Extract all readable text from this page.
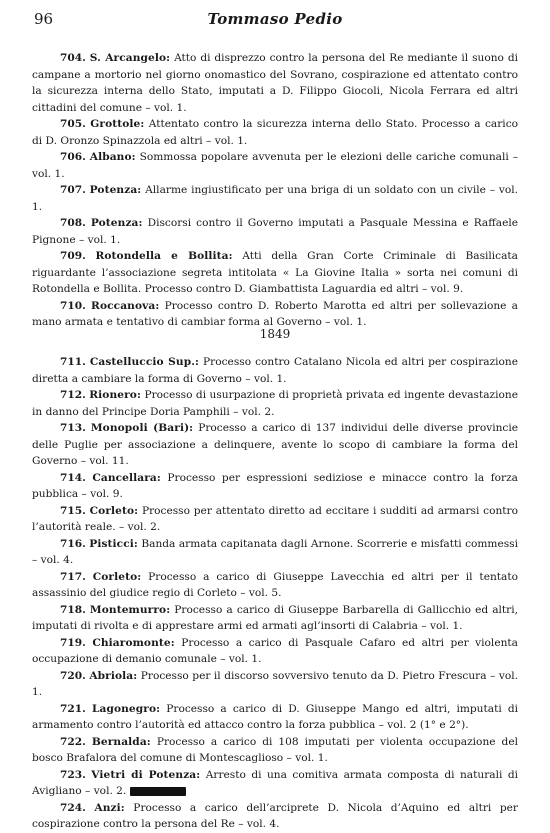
96	Tommaso Pedio

704. S. Arcangelo: Atto di disprezzo contro la persona del Re mediante il suono di campane a mortorio nel giorno onomastico del Sovrano, cospirazione ed attentato contro la sicurezza interna dello Stato, imputati a D. Filippo Giocoli, Nicola Ferrara ed altri cittadini del comune – vol. 1.

705. Grottole: Attentato contro la sicurezza interna dello Stato. Processo a carico di D. Oronzo Spinazzola ed altri – vol. 1.

706. Albano: Sommossa popolare avvenuta per le elezioni delle cariche comunali – vol. 1.

707. Potenza: Allarme ingiustificato per una briga di un soldato con un civile – vol. 1.

708. Potenza: Discorsi contro il Governo imputati a Pasquale Messina e Raffaele Pignone – vol. 1.

709. Rotondella e Bollita: Atti della Gran Corte Criminale di Basilicata riguardante l’associazione segreta intitolata « La Giovine Italia » sorta nei comuni di Rotondella e Bollita. Processo contro D. Giambattista Laguardia ed altri – vol. 9.

710. Roccanova: Processo contro D. Roberto Marotta ed altri per sollevazione a mano armata e tentativo di cambiar forma al Governo – vol. 1.

1849

711. Castelluccio Sup.: Processo contro Catalano Nicola ed altri per cospirazione diretta a cambiare la forma di Governo – vol. 1.

712. Rionero: Processo di usurpazione di proprietà privata ed ingente devastazione in danno del Principe Doria Pamphili – vol. 2.

713. Monopoli (Bari): Processo a carico di 137 individui delle diverse provincie delle Puglie per associazione a delinquere, avente lo scopo di cambiare la forma del Governo – vol. 11.

714. Cancellara: Processo per espressioni sediziose e minacce contro la forza pubblica – vol. 9.

715. Corleto: Processo per attentato diretto ad eccitare i sudditi ad armarsi contro l’autorità reale. – vol. 2.

716. Pisticci: Banda armata capitanata dagli Arnone. Scorrerie e misfatti commessi – vol. 4.

717. Corleto: Processo a carico di Giuseppe Lavecchia ed altri per il tentato assassinio del giudice regio di Corleto – vol. 5.

718. Montemurro: Processo a carico di Giuseppe Barbarella di Gallicchio ed altri, imputati di rivolta e di apprestare armi ed armati agl’insorti di Calabria – vol. 1.

719. Chiaromonte: Processo a carico di Pasquale Cafaro ed altri per violenta occupazione di demanio comunale – vol. 1.

720. Abriola: Processo per il discorso sovversivo tenuto da D. Pietro Frescura – vol. 1.

721. Lagonegro: Processo a carico di D. Giuseppe Mango ed altri, imputati di armamento contro l’autorità ed attacco contro la forza pubblica – vol. 2 (1° e 2°).

722. Bernalda: Processo a carico di 108 imputati per violenta occupazione del bosco Brafalora del comune di Montescaglioso – vol. 1.

723. Vietri di Potenza: Arresto di una comitiva armata composta di naturali di Avigliano – vol. 2.

724. Anzi: Processo a carico dell’arciprete D. Nicola d’Aquino ed altri per cospirazione contro la persona del Re – vol. 4.
